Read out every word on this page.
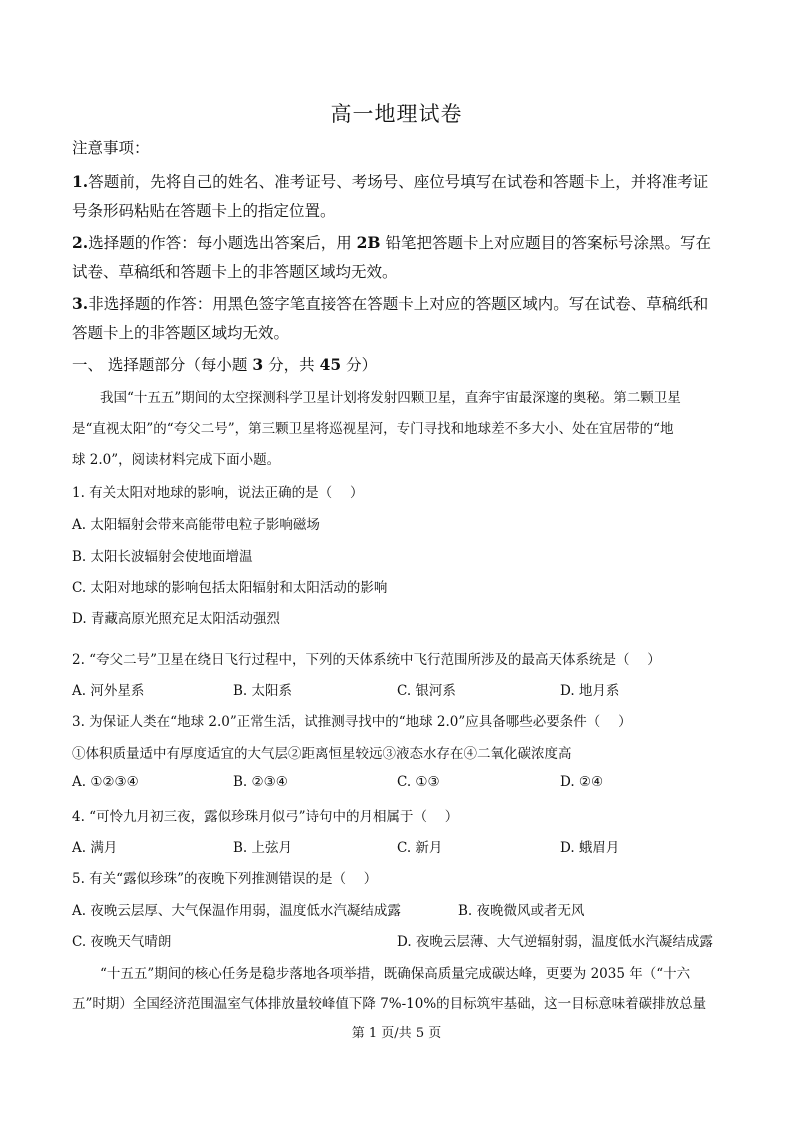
高一地理试卷
注意事项：
1.答题前，先将自己的姓名、准考证号、考场号、座位号填写在试卷和答题卡上，并将准考证
号条形码粘贴在答题卡上的指定位置。
2.选择题的作答：每小题选出答案后，用 2B 铅笔把答题卡上对应题目的答案标号涂黑。写在
试卷、草稿纸和答题卡上的非答题区域均无效。
3.非选择题的作答：用黑色签字笔直接答在答题卡上对应的答题区域内。写在试卷、草稿纸和
答题卡上的非答题区域均无效。
一、 选择题部分（每小题 3 分，共 45 分）
我国“十五五”期间的太空探测科学卫星计划将发射四颗卫星，直奔宇宙最深邃的奥秘。第二颗卫星
是“直视太阳”的“夸父二号”，第三颗卫星将巡视星河，专门寻找和地球差不多大小、处在宜居带的“地
球 2.0”，阅读材料完成下面小题。
1. 有关太阳对地球的影响，说法正确的是（　 ）
A. 太阳辐射会带来高能带电粒子影响磁场
B. 太阳长波辐射会使地面增温
C. 太阳对地球的影响包括太阳辐射和太阳活动的影响
D. 青藏高原光照充足太阳活动强烈
2. “夸父二号”卫星在绕日飞行过程中，下列的天体系统中飞行范围所涉及的最高天体系统是（　 ）
A. 河外星系	B. 太阳系	C. 银河系	D. 地月系
3. 为保证人类在“地球 2.0”正常生活，试推测寻找中的“地球 2.0”应具备哪些必要条件（　 ）
①体积质量适中有厚度适宜的大气层②距离恒星较远③液态水存在④二氧化碳浓度高
A. ①②③④	B. ②③④	C. ①③	D. ②④
4. “可怜九月初三夜，露似珍珠月似弓”诗句中的月相属于（　 ）
A. 满月	B. 上弦月	C. 新月	D. 蛾眉月
5. 有关“露似珍珠”的夜晚下列推测错误的是（　 ）
A. 夜晚云层厚、大气保温作用弱，温度低水汽凝结成露	B. 夜晚微风或者无风
C. 夜晚天气晴朗	D. 夜晚云层薄、大气逆辐射弱，温度低水汽凝结成露
“十五五”期间的核心任务是稳步落地各项举措，既确保高质量完成碳达峰，更要为 2035 年（“十六
五”时期）全国经济范围温室气体排放量较峰值下降 7%-10%的目标筑牢基础，这一目标意味着碳排放总量
第 1 页/共 5 页
